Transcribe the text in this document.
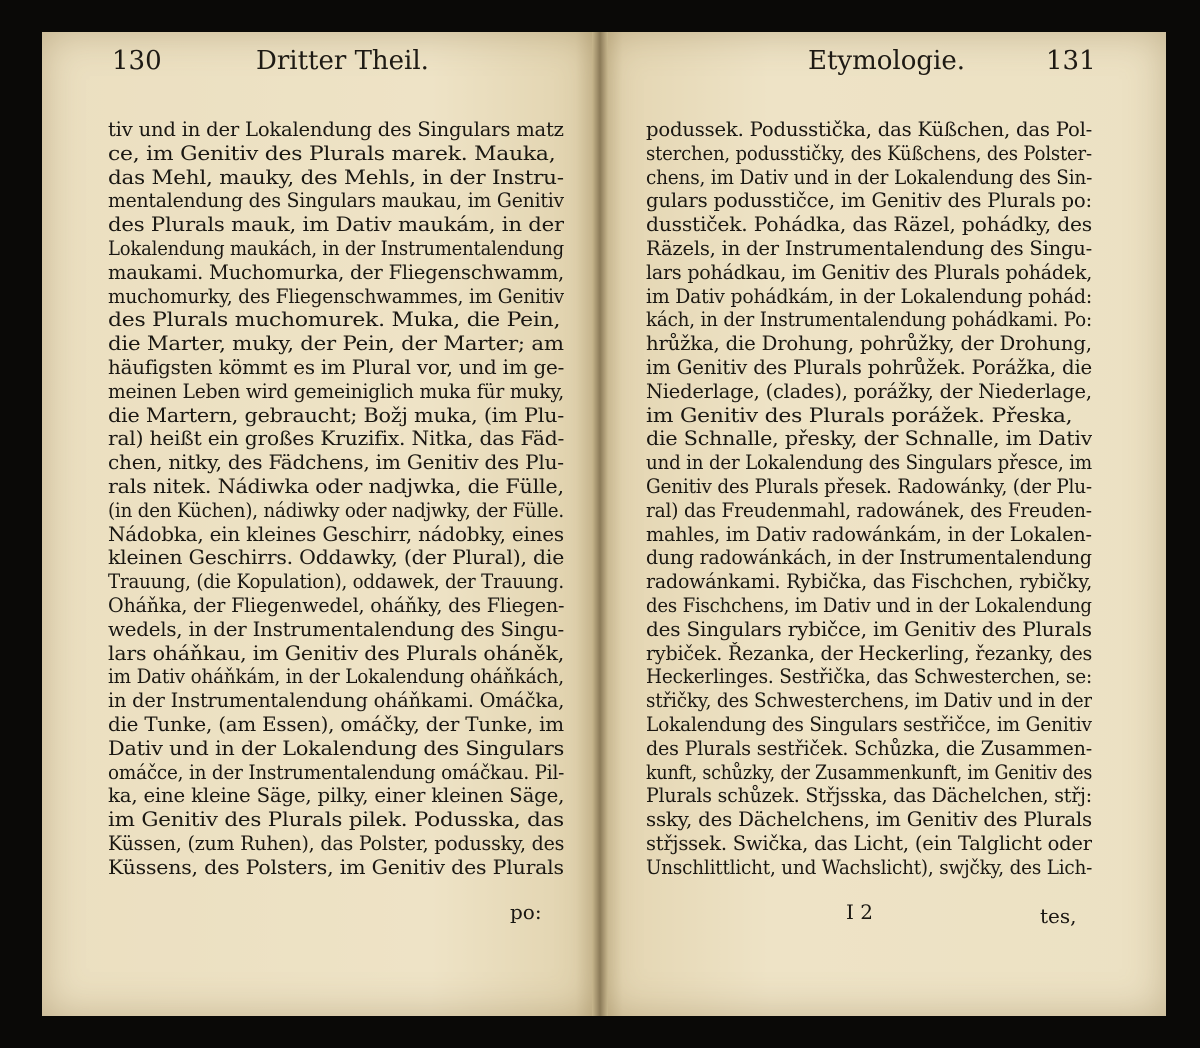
130	Dritter Theil.
tiv und in der Lokalendung des Singulars matz
ce, im Genitiv des Plurals marek. Mauka,
das Mehl, mauky, des Mehls, in der Instru-
mentalendung des Singulars maukau, im Genitiv
des Plurals mauk, im Dativ maukám, in der
Lokalendung maukách, in der Instrumentalendung
maukami. Muchomurka, der Fliegenschwamm,
muchomurky, des Fliegenschwammes, im Genitiv
des Plurals muchomurek. Muka, die Pein,
die Marter, muky, der Pein, der Marter; am
häufigsten kömmt es im Plural vor, und im ge-
meinen Leben wird gemeiniglich muka für muky,
die Martern, gebraucht; Božj muka, (im Plu-
ral) heißt ein großes Kruzifix. Nitka, das Fäd-
chen, nitky, des Fädchens, im Genitiv des Plu-
rals nitek. Nádiwka oder nadjwka, die Fülle,
(in den Küchen), nádiwky oder nadjwky, der Fülle.
Nádobka, ein kleines Geschirr, nádobky, eines
kleinen Geschirrs. Oddawky, (der Plural), die
Trauung, (die Kopulation), oddawek, der Trauung.
Oháňka, der Fliegenwedel, oháňky, des Fliegen-
wedels, in der Instrumentalendung des Singu-
lars oháňkau, im Genitiv des Plurals oháněk,
im Dativ oháňkám, in der Lokalendung oháňkách,
in der Instrumentalendung oháňkami. Omáčka,
die Tunke, (am Essen), omáčky, der Tunke, im
Dativ und in der Lokalendung des Singulars
omáčce, in der Instrumentalendung omáčkau. Pil-
ka, eine kleine Säge, pilky, einer kleinen Säge,
im Genitiv des Plurals pilek. Podusska, das
Küssen, (zum Ruhen), das Polster, podussky, des
Küssens, des Polsters, im Genitiv des Plurals
po:
Etymologie.	131
podussek. Podusstička, das Küßchen, das Pol-
sterchen, podusstičky, des Küßchens, des Polster-
chens, im Dativ und in der Lokalendung des Sin-
gulars podusstičce, im Genitiv des Plurals po:
dusstiček. Pohádka, das Räzel, pohádky, des
Räzels, in der Instrumentalendung des Singu-
lars pohádkau, im Genitiv des Plurals pohádek,
im Dativ pohádkám, in der Lokalendung pohád:
kách, in der Instrumentalendung pohádkami. Po:
hrůžka, die Drohung, pohrůžky, der Drohung,
im Genitiv des Plurals pohrůžek. Porážka, die
Niederlage, (clades), porážky, der Niederlage,
im Genitiv des Plurals porážek. Přeska,
die Schnalle, přesky, der Schnalle, im Dativ
und in der Lokalendung des Singulars přesce, im
Genitiv des Plurals přesek. Radowánky, (der Plu-
ral) das Freudenmahl, radowánek, des Freuden-
mahles, im Dativ radowánkám, in der Lokalen-
dung radowánkách, in der Instrumentalendung
radowánkami. Rybička, das Fischchen, rybičky,
des Fischchens, im Dativ und in der Lokalendung
des Singulars rybičce, im Genitiv des Plurals
rybiček. Řezanka, der Heckerling, řezanky, des
Heckerlinges. Sestřička, das Schwesterchen, se:
střičky, des Schwesterchens, im Dativ und in der
Lokalendung des Singulars sestřičce, im Genitiv
des Plurals sestřiček. Schůzka, die Zusammen-
kunft, schůzky, der Zusammenkunft, im Genitiv des
Plurals schůzek. Střjsska, das Dächelchen, střj:
ssky, des Dächelchens, im Genitiv des Plurals
střjssek. Swička, das Licht, (ein Talglicht oder
Unschlittlicht, und Wachslicht), swjčky, des Lich-
I 2	tes,
